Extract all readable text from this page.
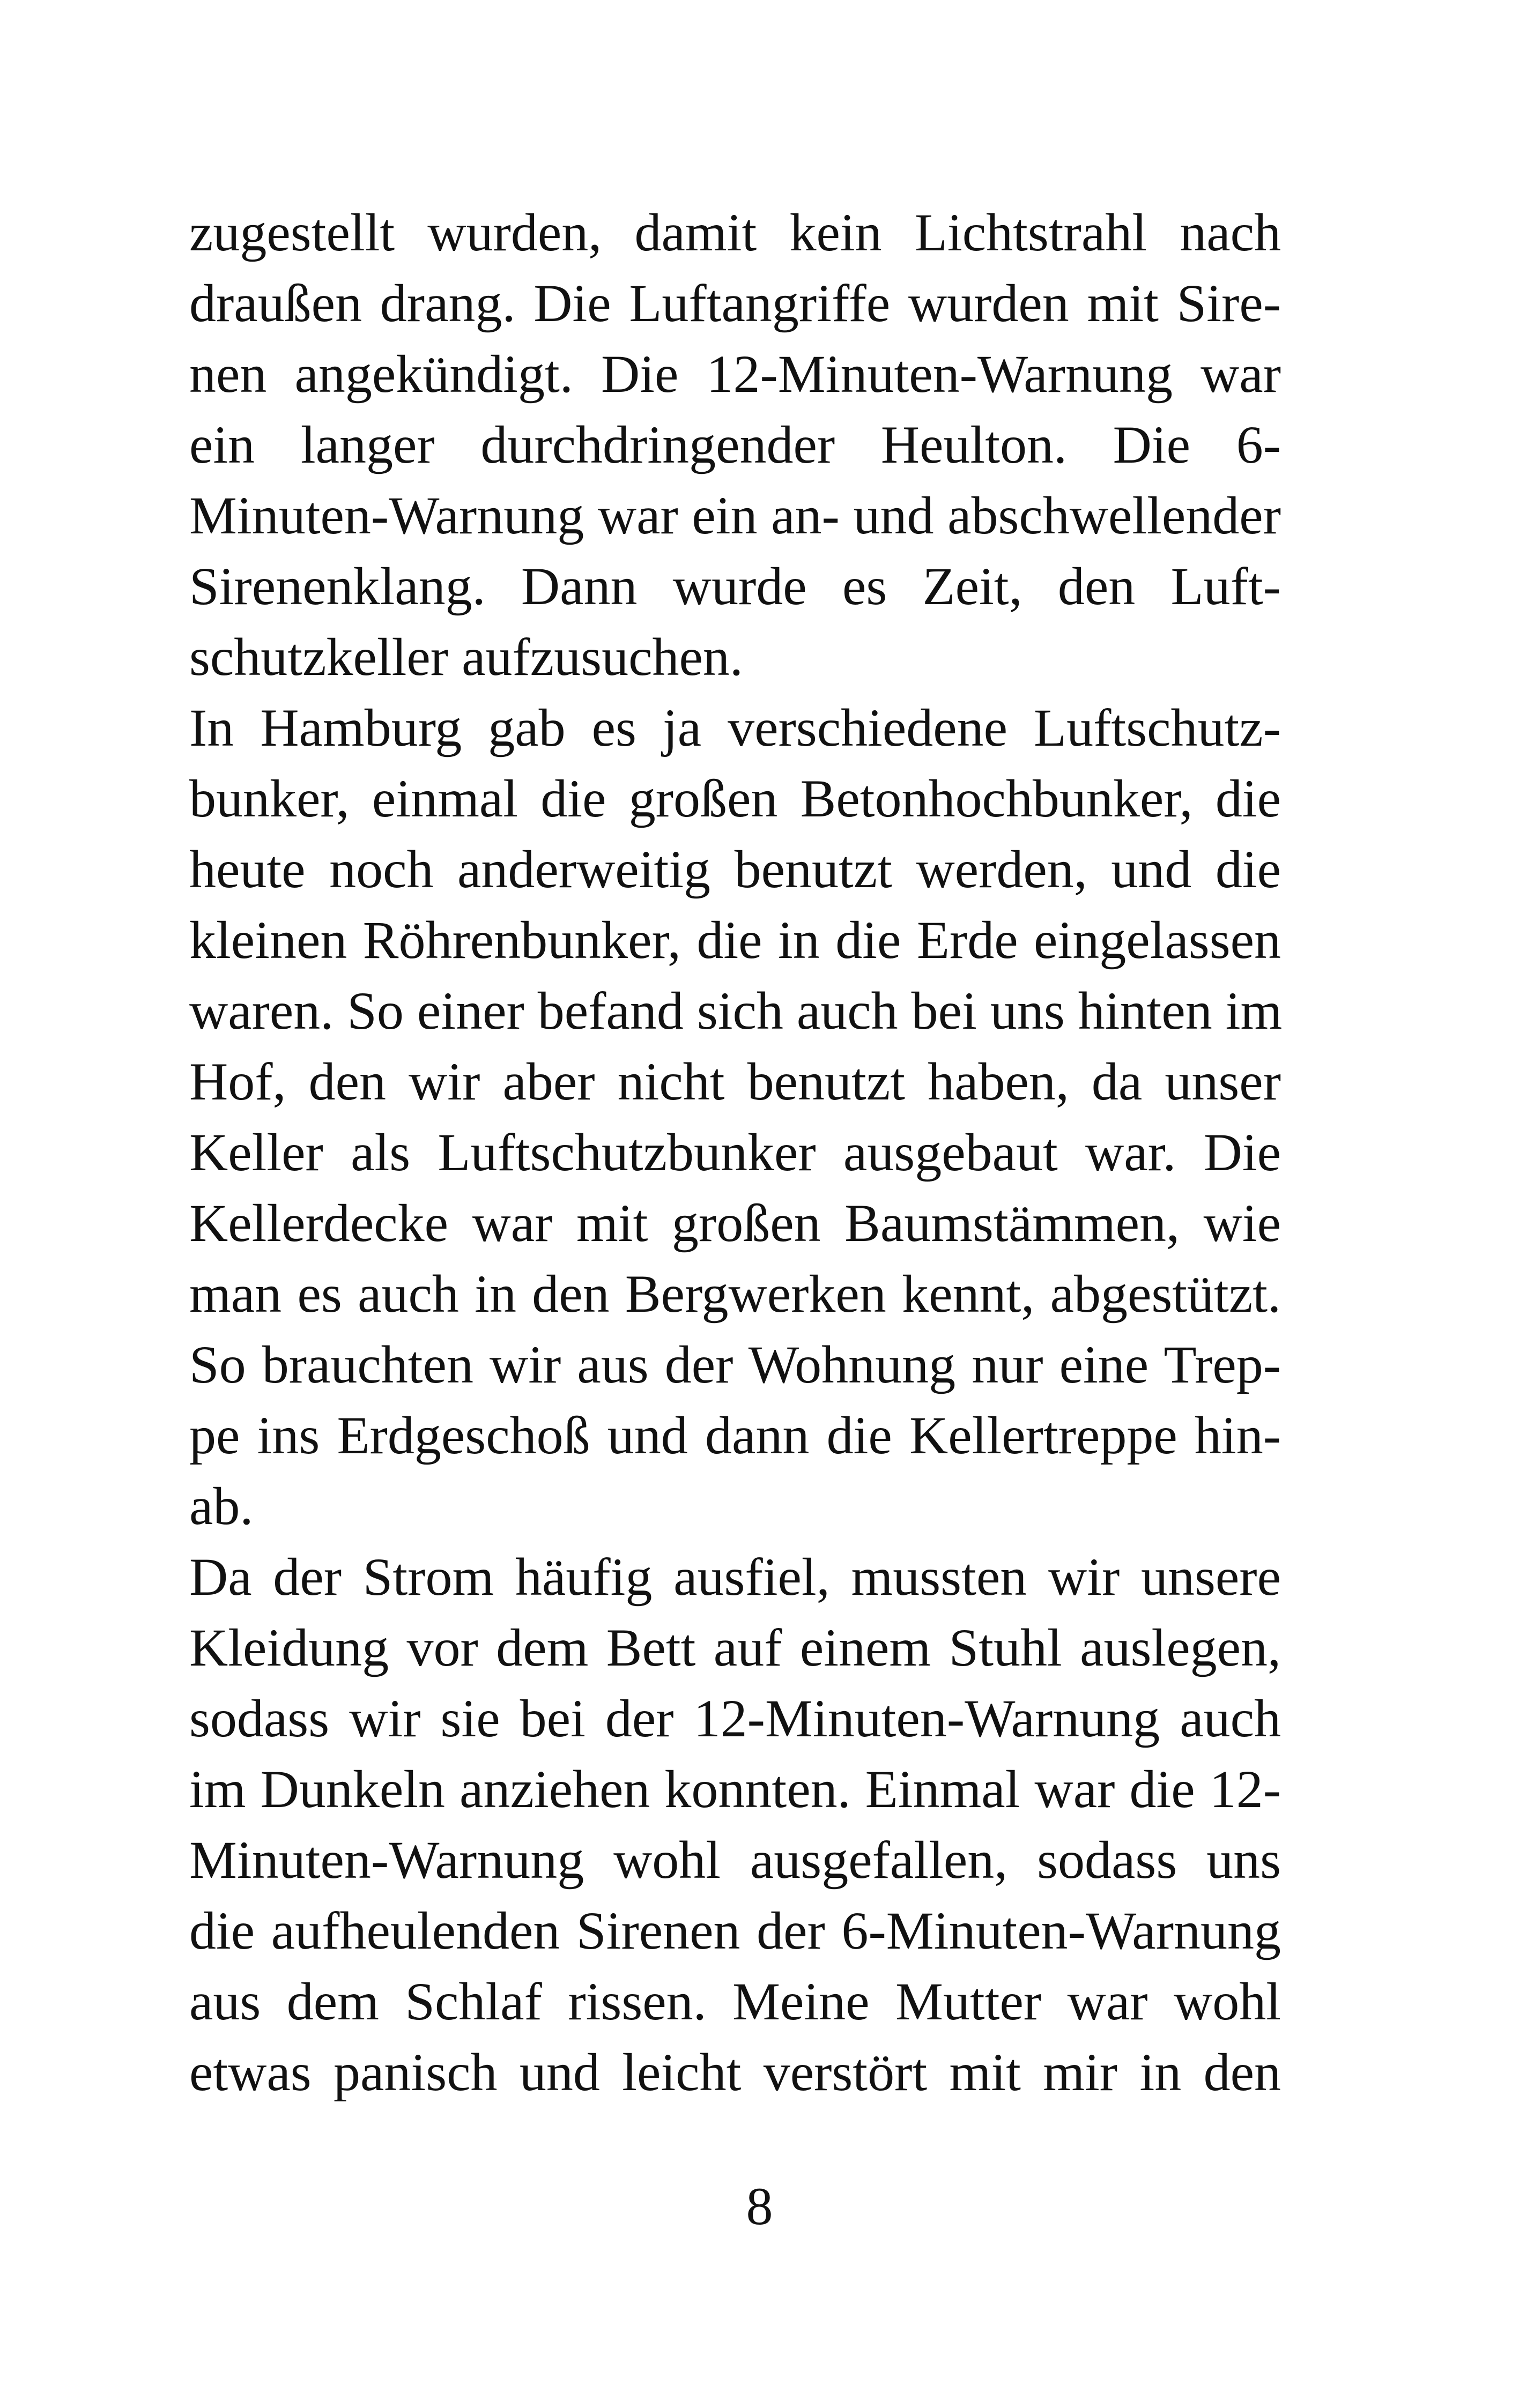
zugestellt wurden, damit kein Lichtstrahl nach
draußen drang. Die Luftangriffe wurden mit Sire-
nen angekündigt. Die 12-Minuten-Warnung war
ein langer durchdringender Heulton. Die 6-
Minuten-Warnung war ein an- und abschwellender
Sirenenklang. Dann wurde es Zeit, den Luft-
schutzkeller aufzusuchen.
In Hamburg gab es ja verschiedene Luftschutz-
bunker, einmal die großen Betonhochbunker, die
heute noch anderweitig benutzt werden, und die
kleinen Röhrenbunker, die in die Erde eingelassen
waren. So einer befand sich auch bei uns hinten im
Hof, den wir aber nicht benutzt haben, da unser
Keller als Luftschutzbunker ausgebaut war. Die
Kellerdecke war mit großen Baumstämmen, wie
man es auch in den Bergwerken kennt, abgestützt.
So brauchten wir aus der Wohnung nur eine Trep-
pe ins Erdgeschoß und dann die Kellertreppe hin-
ab.
Da der Strom häufig ausfiel, mussten wir unsere
Kleidung vor dem Bett auf einem Stuhl auslegen,
sodass wir sie bei der 12-Minuten-Warnung auch
im Dunkeln anziehen konnten. Einmal war die 12-
Minuten-Warnung wohl ausgefallen, sodass uns
die aufheulenden Sirenen der 6-Minuten-Warnung
aus dem Schlaf rissen. Meine Mutter war wohl
etwas panisch und leicht verstört mit mir in den
8
